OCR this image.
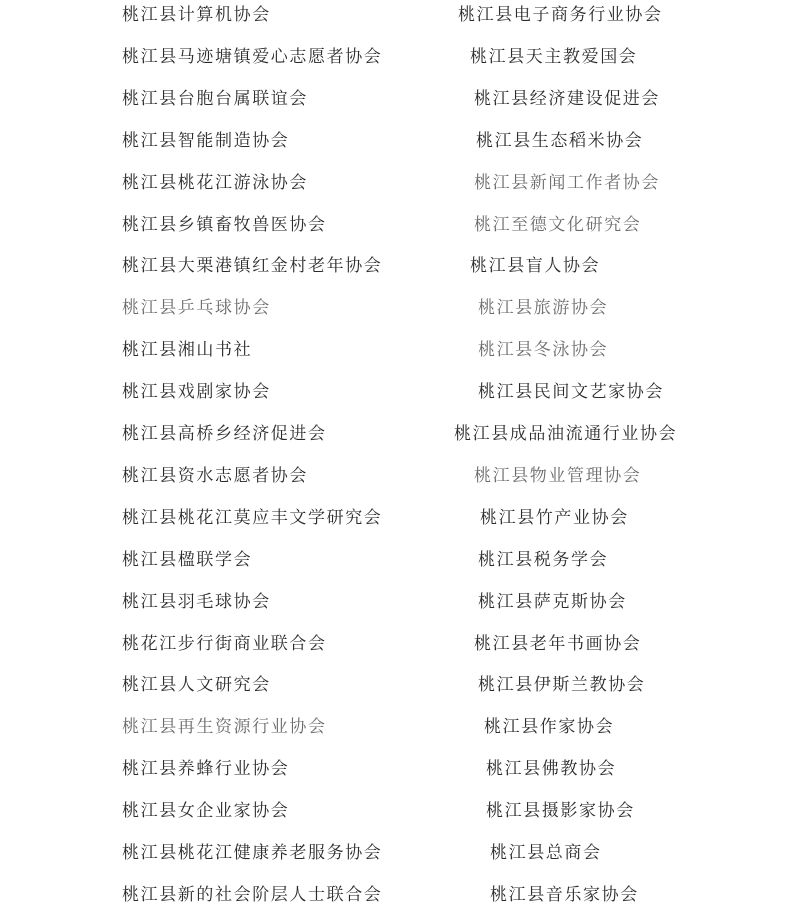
桃江县计算机协会	桃江县电子商务行业协会
桃江县马迹塘镇爱心志愿者协会	桃江县天主教爱国会
桃江县台胞台属联谊会	桃江县经济建设促进会
桃江县智能制造协会	桃江县生态稻米协会
桃江县桃花江游泳协会	桃江县新闻工作者协会
桃江县乡镇畜牧兽医协会	桃江至德文化研究会
桃江县大栗港镇红金村老年协会	桃江县盲人协会
桃江县乒乓球协会	桃江县旅游协会
桃江县湘山书社	桃江县冬泳协会
桃江县戏剧家协会	桃江县民间文艺家协会
桃江县高桥乡经济促进会	桃江县成品油流通行业协会
桃江县资水志愿者协会	桃江县物业管理协会
桃江县桃花江莫应丰文学研究会	桃江县竹产业协会
桃江县楹联学会	桃江县税务学会
桃江县羽毛球协会	桃江县萨克斯协会
桃花江步行街商业联合会	桃江县老年书画协会
桃江县人文研究会	桃江县伊斯兰教协会
桃江县再生资源行业协会	桃江县作家协会
桃江县养蜂行业协会	桃江县佛教协会
桃江县女企业家协会	桃江县摄影家协会
桃江县桃花江健康养老服务协会	桃江县总商会
桃江县新的社会阶层人士联合会	桃江县音乐家协会
